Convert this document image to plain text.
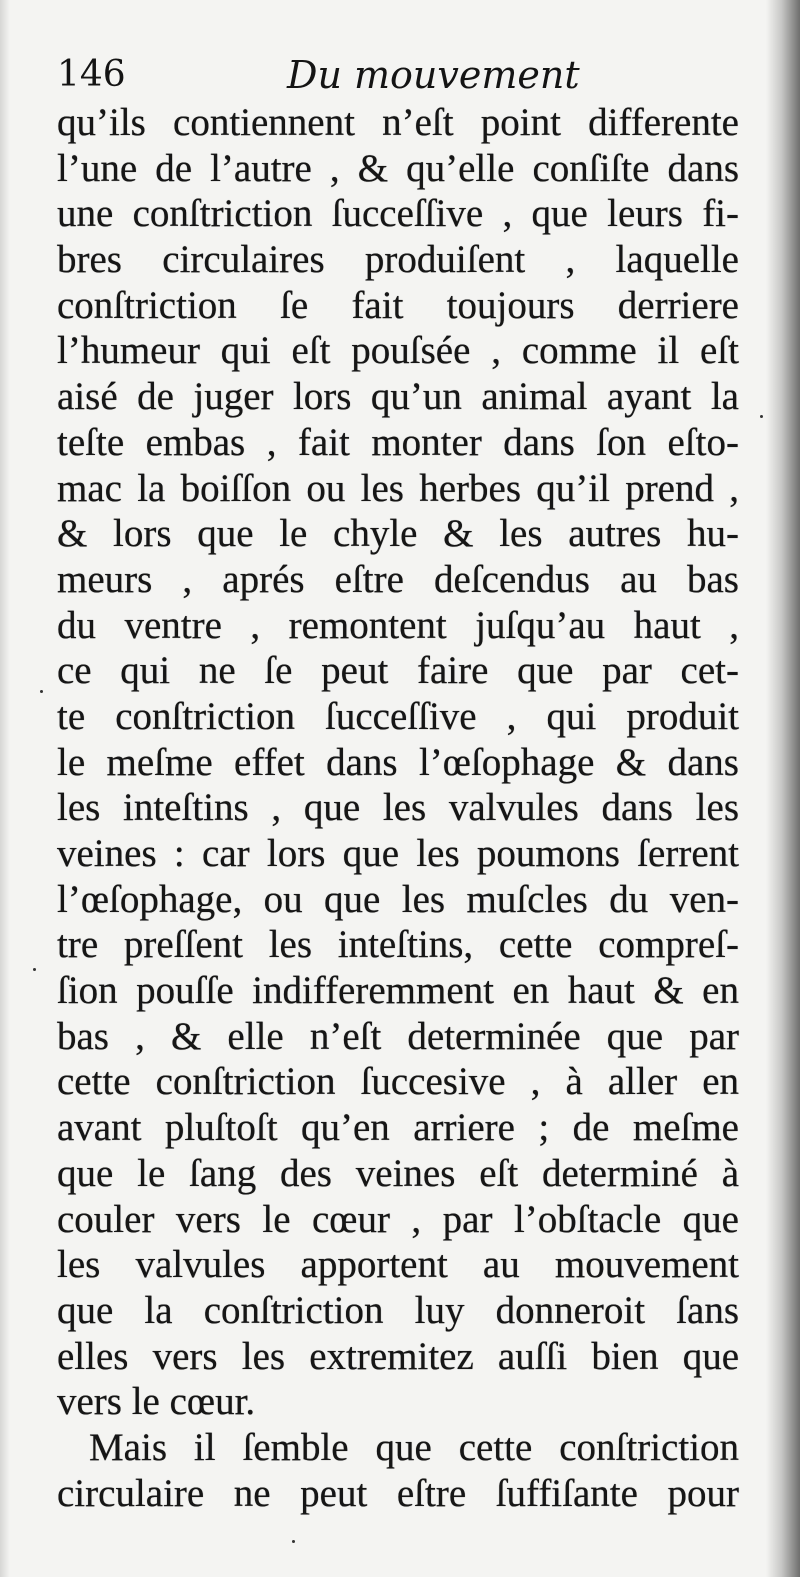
146	Du mouvement
qu’ils contiennent n’eſt point differente
l’une de l’autre , & qu’elle conſiſte dans
une conſtriction ſucceſſive , que leurs fi-
bres circulaires produiſent , laquelle
conſtriction ſe fait toujours derriere
l’humeur qui eſt pouſsée , comme il eſt
aisé de juger lors qu’un animal ayant la
teſte embas , fait monter dans ſon eſto-
mac la boiſſon ou les herbes qu’il prend ,
& lors que le chyle & les autres hu-
meurs , aprés eſtre deſcendus au bas
du ventre , remontent juſqu’au haut ,
ce qui ne ſe peut faire que par cet-
te conſtriction ſucceſſive , qui produit
le meſme effet dans l’œſophage & dans
les inteſtins , que les valvules dans les
veines : car lors que les poumons ſerrent
l’œſophage, ou que les muſcles du ven-
tre preſſent les inteſtins, cette compreſ-
ſion pouſſe indifferemment en haut & en
bas , & elle n’eſt determinée que par
cette conſtriction ſuccesive , à aller en
avant pluſtoſt qu’en arriere ; de meſme
que le ſang des veines eſt determiné à
couler vers le cœur , par l’obſtacle que
les valvules apportent au mouvement
que la conſtriction luy donneroit ſans
elles vers les extremitez auſſi bien que
vers le cœur.
Mais il ſemble que cette conſtriction
circulaire ne peut eſtre ſuffiſante pour
